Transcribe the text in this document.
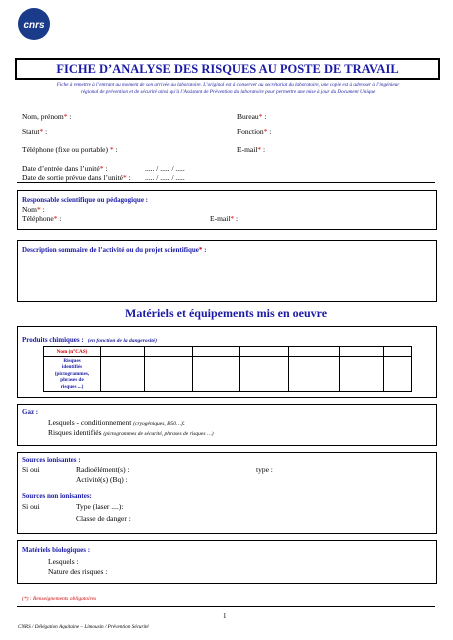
cnrs
FICHE D’ANALYSE DES RISQUES AU POSTE DE TRAVAIL
Fiche à remettre à l’entrant au moment de son arrivée au laboratoire. L’original est à conserver au secrétariat du laboratoire, une copie est à adresser à l’ingénieur
régional de prévention et de sécurité ainsi qu’à l’Assistant de Prévention du laboratoire pour permettre une mise à jour du Document Unique
Nom, prénom* :	Bureau* :
Statut* :	Fonction* :
Téléphone (fixe ou portable) * :	E-mail* :
Date d’entrée dans l’unité* :	..... / ..... / .....
Date de sortie prévue dans l’unité* : ..... / ..... / .....
Responsable scientifique ou pédagogique :
Nom* :
Téléphone* :	E-mail* :
Description sommaire de l’activité ou du projet scientifique* :
Matériels et équipements mis en oeuvre
Produits chimiques : (en fonction de la dangerosité)
Nom (n°CAS)							

Risques
identifiés
(pictogrammes,
phrases de
risques ...)							

Gaz :
Lesquels - conditionnement (cryogéniques, B50…):
Risques identifiés (pictogrammes de sécurité, phrases de risques …)
Sources ionisantes :
Si oui	Radioélément(s) :	type :
Activité(s) (Bq) :
Sources non ionisantes:
Si oui	Type (laser ....):
Classe de danger :
Matériels biologiques :
Lesquels :
Nature des risques :
(*) : Renseignements obligatoires
1
CNRS / Délégation Aquitaine – Limousin / Prévention Sécurité
